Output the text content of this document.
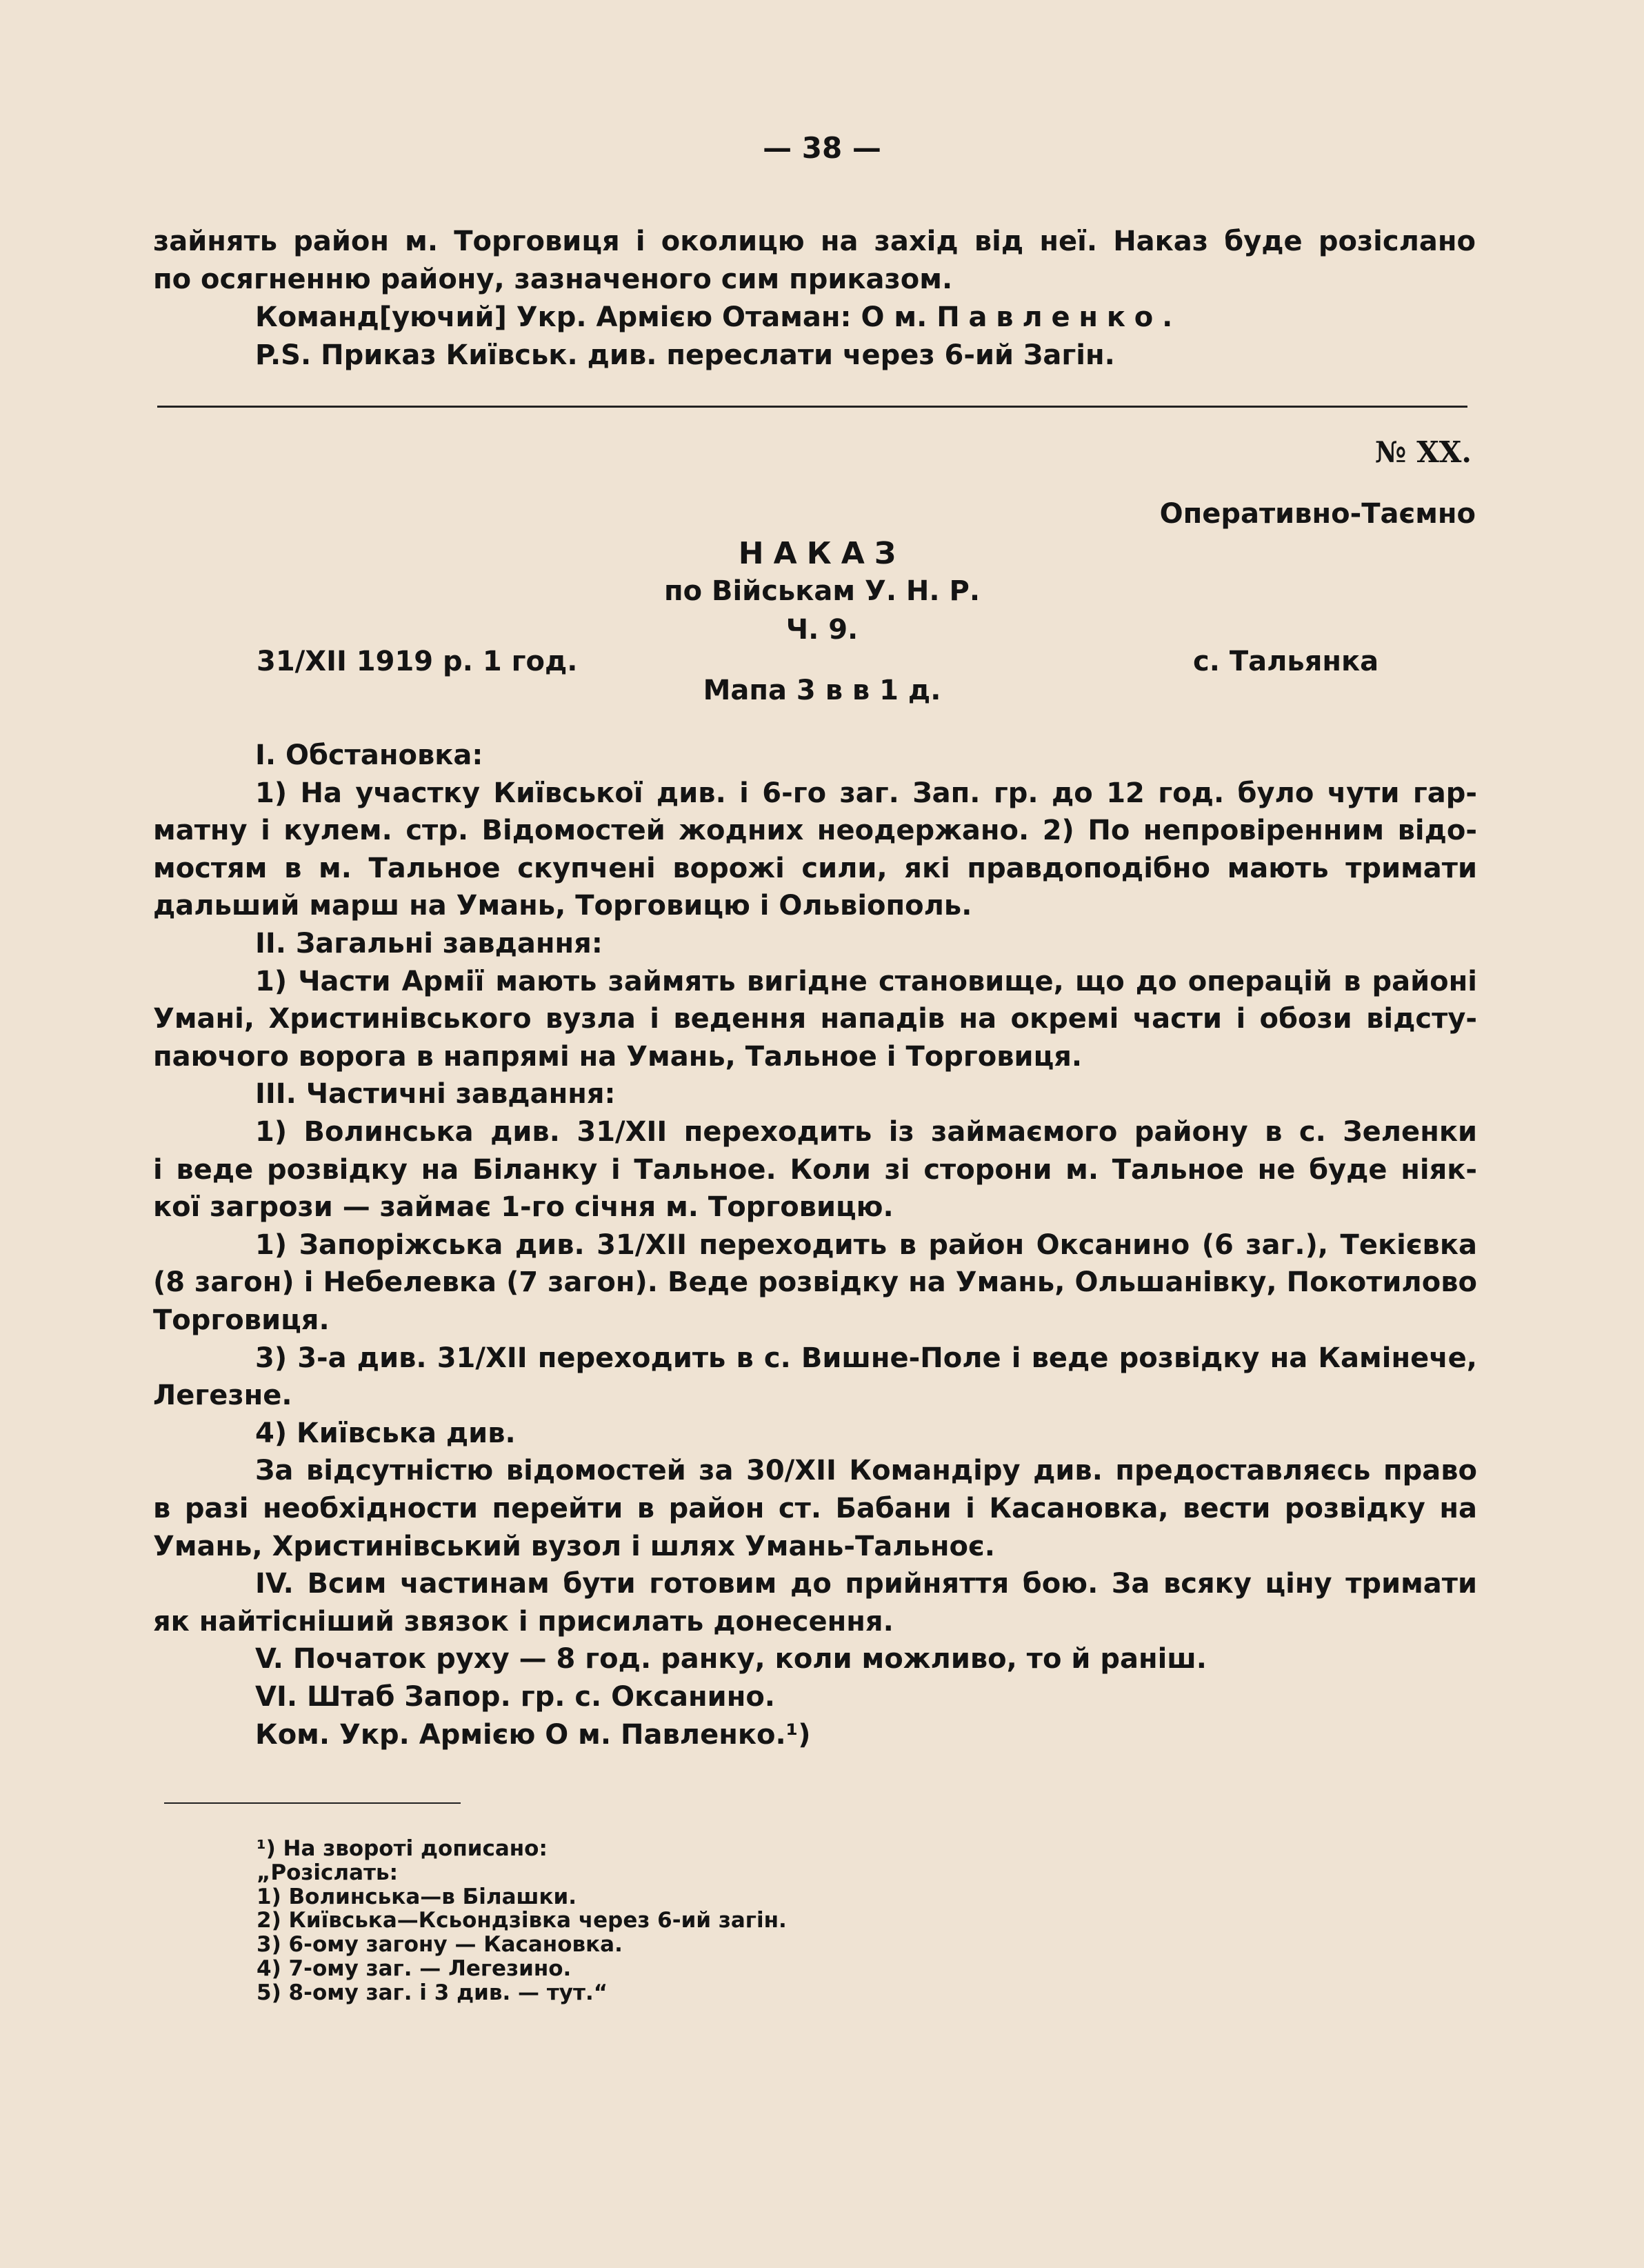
— 38 —
зайнять район м. Торговиця і околицю на захід від неї. Наказ буде розіслано
по осягненню району, зазначеного сим приказом.
Команд[уючий] Укр. Армією Отаман: О м. Павленко.
P.S. Приказ Київськ. див. переслати через 6-ий Загін.
№ XX.
Оперативно-Таємно
НАКАЗ
по Військам У. Н. Р.
Ч. 9.
31/XII 1919 р. 1 год.	с. Тальянка
Мапа 3 в в 1 д.
I. Обстановка:
1) На участку Київської див. і 6-го заг. Зап. гр. до 12 год. було чути гар-
матну і кулем. стр. Відомостей жодних неодержано. 2) По непровіренним відо-
мостям в м. Тальное скупчені ворожі сили, які правдоподібно мають тримати
дальший марш на Умань, Торговицю і Ольвіополь.
II. Загальні завдання:
1) Части Армії мають займять вигідне становище, що до операцій в районі
Умані, Христинівського вузла і ведення нападів на окремі части і обози відсту-
паючого ворога в напрямі на Умань, Тальное і Торговиця.
III. Частичні завдання:
1) Волинська див. 31/XII переходить із займаємого району в с. Зеленки
і веде розвідку на Біланку і Тальное. Коли зі сторони м. Тальное не буде ніяк-
кої загрози — займає 1-го січня м. Торговицю.
1) Запоріжська див. 31/XII переходить в район Оксанино (6 заг.), Текієвка
(8 загон) і Небелевка (7 загон). Веде розвідку на Умань, Ольшанівку, Покотилово
Торговиця.
3) 3-а див. 31/XII переходить в с. Вишне-Поле і веде розвідку на Камінече,
Легезне.
4) Київська див.
За відсутністю відомостей за 30/XII Командіру див. предоставляєсь право
в разі необхідности перейти в район ст. Бабани і Касановка, вести розвідку на
Умань, Христинівський вузол і шлях Умань-Тальноє.
IV. Всим частинам бути готовим до прийняття бою. За всяку ціну тримати
як найтісніший звязок і присилать донесення.
V. Початок руху — 8 год. ранку, коли можливо, то й раніш.
VI. Штаб Запор. гр. с. Оксанино.
Ком. Укр. Армією О м. Павленко.¹)
¹) На звороті дописано:
„Розіслать:
1) Волинська—в Білашки.
2) Київська—Ксьондзівка через 6-ий загін.
3) 6-ому загону — Касановка.
4) 7-ому заг. — Легезино.
5) 8-ому заг. і 3 див. — тут.“
